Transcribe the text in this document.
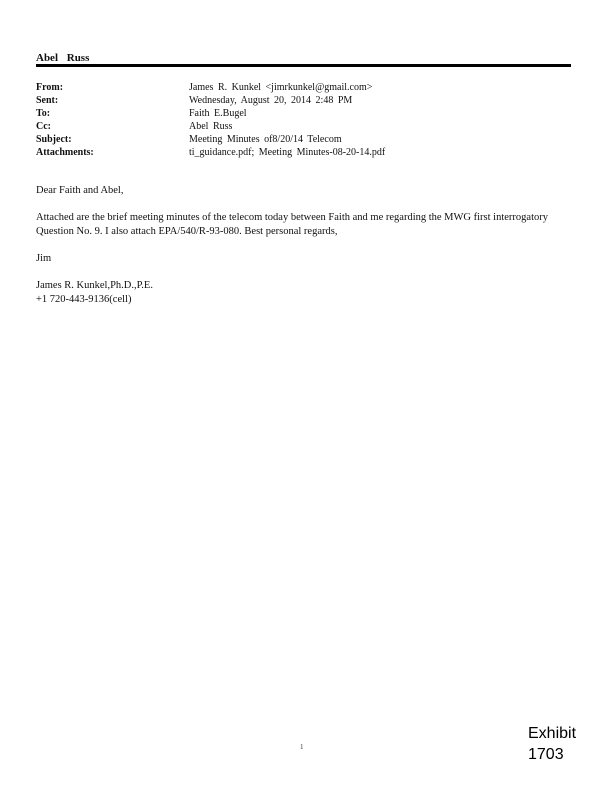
Abel Russ
From:	James R. Kunkel <jimrkunkel@gmail.com>
Sent:	Wednesday, August 20, 2014 2:48 PM
To:	Faith E.Bugel
Cc:	Abel Russ
Subject:	Meeting Minutes of8/20/14 Telecom
Attachments:	ti_guidance.pdf; Meeting Minutes-08-20-14.pdf

Dear Faith and Abel,

Attached are the brief meeting minutes of the telecom today between Faith and me regarding the MWG first interrogatory Question No. 9. I also attach EPA/540/R-93-080. Best personal regards,

Jim

James R. Kunkel,Ph.D.,P.E.
+1 720-443-9136(cell)

1
Exhibit
1703
